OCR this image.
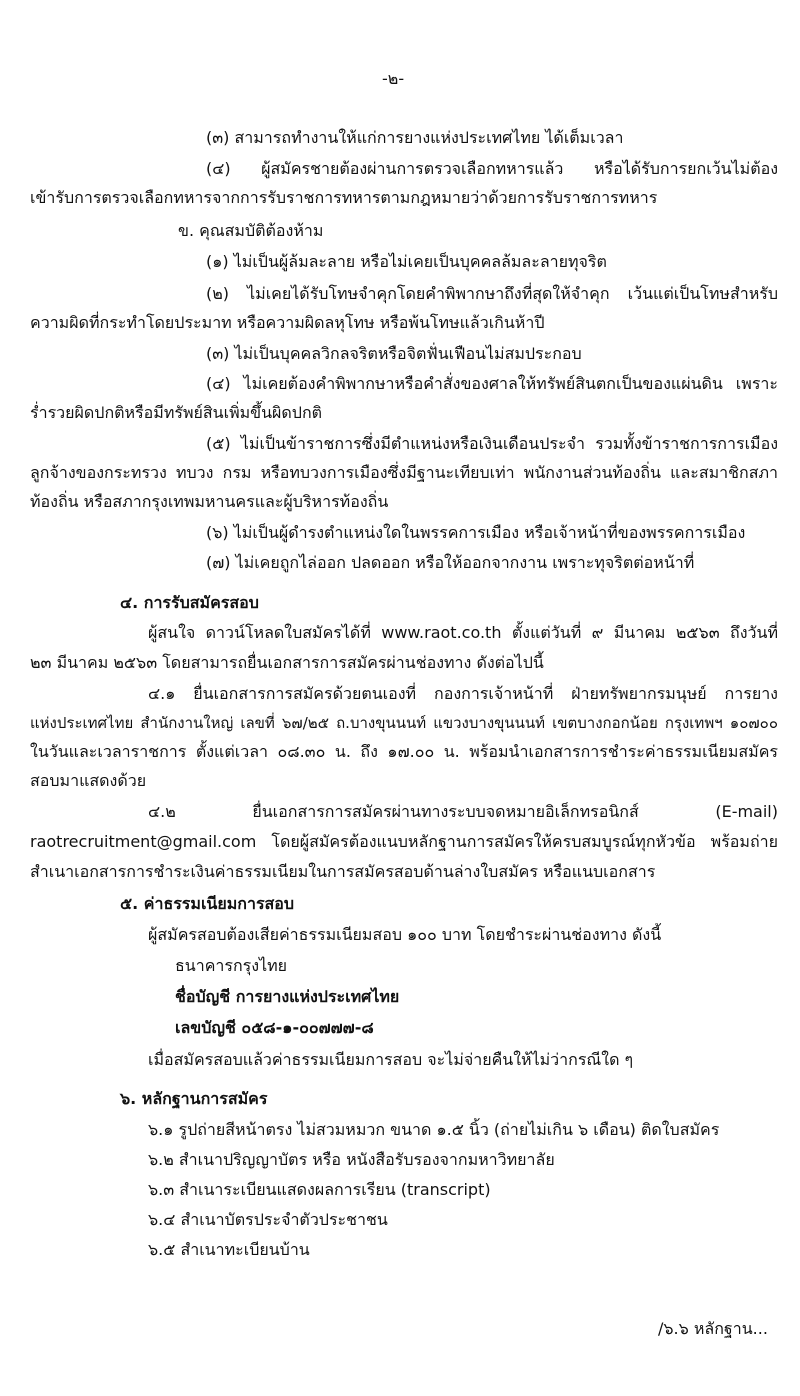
-๒-
(๓) สามารถทำงานให้แก่การยางแห่งประเทศไทย ได้เต็มเวลา
(๔) ผู้สมัครชายต้องผ่านการตรวจเลือกทหารแล้ว หรือได้รับการยกเว้นไม่ต้อง
เข้ารับการตรวจเลือกทหารจากการรับราชการทหารตามกฎหมายว่าด้วยการรับราชการทหาร
ข. คุณสมบัติต้องห้าม
(๑) ไม่เป็นผู้ล้มละลาย หรือไม่เคยเป็นบุคคลล้มละลายทุจริต
(๒) ไม่เคยได้รับโทษจำคุกโดยคำพิพากษาถึงที่สุดให้จำคุก เว้นแต่เป็นโทษสำหรับ
ความผิดที่กระทำโดยประมาท หรือความผิดลหุโทษ หรือพ้นโทษแล้วเกินห้าปี
(๓) ไม่เป็นบุคคลวิกลจริตหรือจิตฟั่นเฟือนไม่สมประกอบ
(๔) ไม่เคยต้องคำพิพากษาหรือคำสั่งของศาลให้ทรัพย์สินตกเป็นของแผ่นดิน เพราะ
ร่ำรวยผิดปกติหรือมีทรัพย์สินเพิ่มขึ้นผิดปกติ
(๕) ไม่เป็นข้าราชการซึ่งมีตำแหน่งหรือเงินเดือนประจำ รวมทั้งข้าราชการการเมือง
ลูกจ้างของกระทรวง ทบวง กรม หรือทบวงการเมืองซึ่งมีฐานะเทียบเท่า พนักงานส่วนท้องถิ่น และสมาชิกสภา
ท้องถิ่น หรือสภากรุงเทพมหานครและผู้บริหารท้องถิ่น
(๖) ไม่เป็นผู้ดำรงตำแหน่งใดในพรรคการเมือง หรือเจ้าหน้าที่ของพรรคการเมือง
(๗) ไม่เคยถูกไล่ออก ปลดออก หรือให้ออกจากงาน เพราะทุจริตต่อหน้าที่
๔. การรับสมัครสอบ
ผู้สนใจ ดาวน์โหลดใบสมัครได้ที่ www.raot.co.th ตั้งแต่วันที่ ๙ มีนาคม ๒๕๖๓ ถึงวันที่
๒๓ มีนาคม ๒๕๖๓ โดยสามารถยื่นเอกสารการสมัครผ่านช่องทาง ดังต่อไปนี้
๔.๑ ยื่นเอกสารการสมัครด้วยตนเองที่ กองการเจ้าหน้าที่ ฝ่ายทรัพยากรมนุษย์ การยาง
แห่งประเทศไทย สำนักงานใหญ่ เลขที่ ๖๗/๒๕ ถ.บางขุนนนท์ แขวงบางขุนนนท์ เขตบางกอกน้อย กรุงเทพฯ ๑๐๗๐๐
ในวันและเวลาราชการ ตั้งแต่เวลา ๐๘.๓๐ น. ถึง ๑๗.๐๐ น. พร้อมนำเอกสารการชำระค่าธรรมเนียมสมัคร
สอบมาแสดงด้วย
๔.๒ ยื่นเอกสารการสมัครผ่านทางระบบจดหมายอิเล็กทรอนิกส์ (E-mail)
raotrecruitment@gmail.com โดยผู้สมัครต้องแนบหลักฐานการสมัครให้ครบสมบูรณ์ทุกหัวข้อ พร้อมถ่าย
สำเนาเอกสารการชำระเงินค่าธรรมเนียมในการสมัครสอบด้านล่างใบสมัคร หรือแนบเอกสาร
๕. ค่าธรรมเนียมการสอบ
ผู้สมัครสอบต้องเสียค่าธรรมเนียมสอบ ๑๐๐ บาท โดยชำระผ่านช่องทาง ดังนี้
ธนาคารกรุงไทย
ชื่อบัญชี การยางแห่งประเทศไทย
เลขบัญชี ๐๕๘-๑-๐๐๗๗๗-๘
เมื่อสมัครสอบแล้วค่าธรรมเนียมการสอบ จะไม่จ่ายคืนให้ไม่ว่ากรณีใด ๆ
๖. หลักฐานการสมัคร
๖.๑ รูปถ่ายสีหน้าตรง ไม่สวมหมวก ขนาด ๑.๕ นิ้ว (ถ่ายไม่เกิน ๖ เดือน) ติดใบสมัคร
๖.๒ สำเนาปริญญาบัตร หรือ หนังสือรับรองจากมหาวิทยาลัย
๖.๓ สำเนาระเบียนแสดงผลการเรียน (transcript)
๖.๔ สำเนาบัตรประจำตัวประชาชน
๖.๕ สำเนาทะเบียนบ้าน
/๖.๖ หลักฐาน...
